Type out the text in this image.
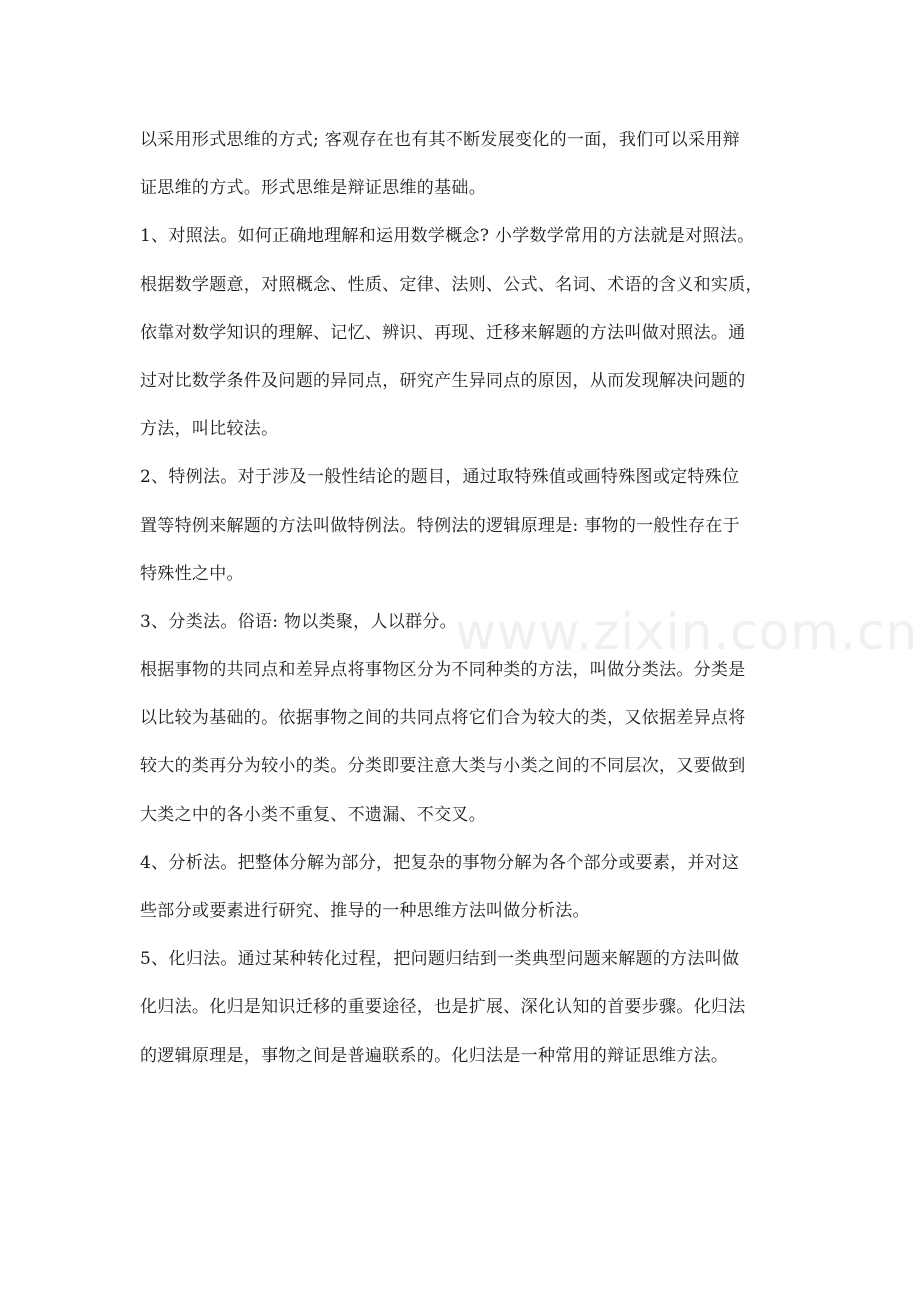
以采用形式思维的方式; 客观存在也有其不断发展变化的一面，我们可以采用辩
证思维的方式。形式思维是辩证思维的基础。
1、对照法。如何正确地理解和运用数学概念? 小学数学常用的方法就是对照法。
根据数学题意，对照概念、性质、定律、法则、公式、名词、术语的含义和实质，
依靠对数学知识的理解、记忆、辨识、再现、迁移来解题的方法叫做对照法。通
过对比数学条件及问题的异同点，研究产生异同点的原因，从而发现解决问题的
方法，叫比较法。
2、特例法。对于涉及一般性结论的题目，通过取特殊值或画特殊图或定特殊位
置等特例来解题的方法叫做特例法。特例法的逻辑原理是: 事物的一般性存在于
特殊性之中。
3、分类法。俗语: 物以类聚，人以群分。
根据事物的共同点和差异点将事物区分为不同种类的方法，叫做分类法。分类是
以比较为基础的。依据事物之间的共同点将它们合为较大的类，又依据差异点将
较大的类再分为较小的类。分类即要注意大类与小类之间的不同层次，又要做到
大类之中的各小类不重复、不遗漏、不交叉。
4、分析法。把整体分解为部分，把复杂的事物分解为各个部分或要素，并对这
些部分或要素进行研究、推导的一种思维方法叫做分析法。
5、化归法。通过某种转化过程，把问题归结到一类典型问题来解题的方法叫做
化归法。化归是知识迁移的重要途径，也是扩展、深化认知的首要步骤。化归法
的逻辑原理是，事物之间是普遍联系的。化归法是一种常用的辩证思维方法。
www.zixin.com.cn
